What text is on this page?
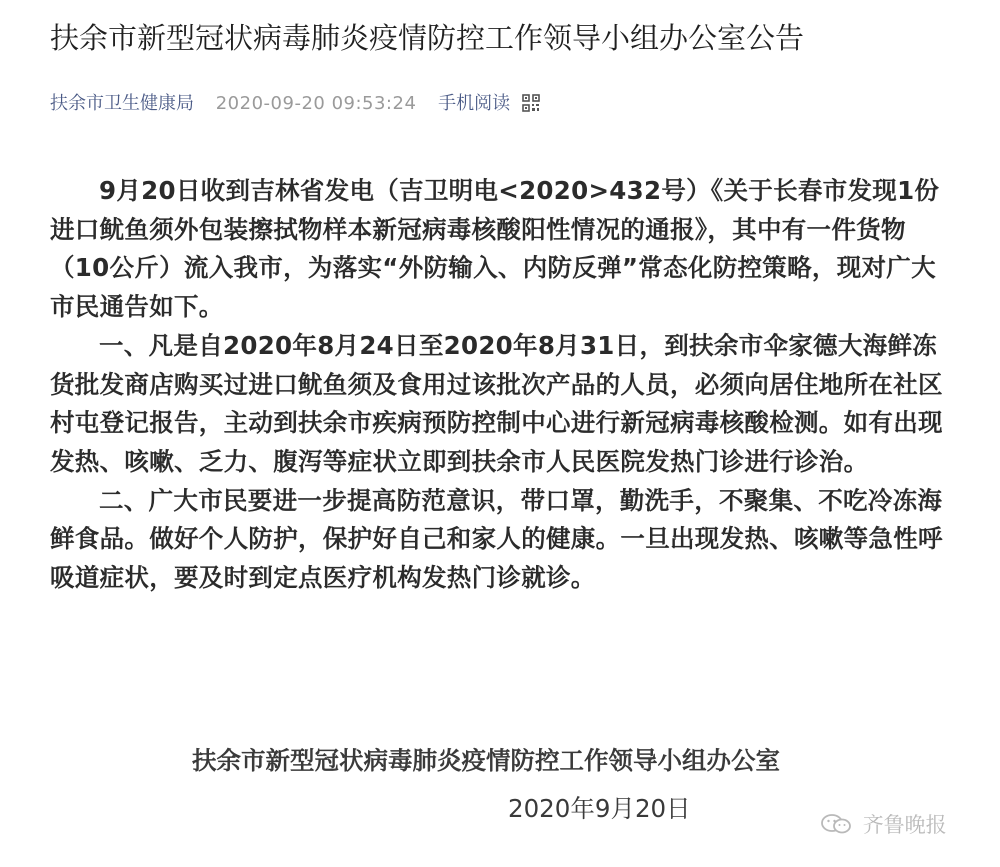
扶余市新型冠状病毒肺炎疫情防控工作领导小组办公室公告
扶余市卫生健康局 2020-09-20 09:53:24 手机阅读

9月20日收到吉林省发电（吉卫明电<2020>432号）《关于长春市发现1份进口鱿鱼须外包装擦拭物样本新冠病毒核酸阳性情况的通报》，其中有一件货物（10公斤）流入我市，为落实“外防输入、内防反弹”常态化防控策略，现对广大市民通告如下。

一、凡是自2020年8月24日至2020年8月31日，到扶余市伞家德大海鲜冻货批发商店购买过进口鱿鱼须及食用过该批次产品的人员，必须向居住地所在社区村屯登记报告，主动到扶余市疾病预防控制中心进行新冠病毒核酸检测。如有出现发热、咳嗽、乏力、腹泻等症状立即到扶余市人民医院发热门诊进行诊治。

二、广大市民要进一步提高防范意识，带口罩，勤洗手，不聚集、不吃冷冻海鲜食品。做好个人防护，保护好自己和家人的健康。一旦出现发热、咳嗽等急性呼吸道症状，要及时到定点医疗机构发热门诊就诊。

扶余市新型冠状病毒肺炎疫情防控工作领导小组办公室
2020年9月20日
齐鲁晚报
